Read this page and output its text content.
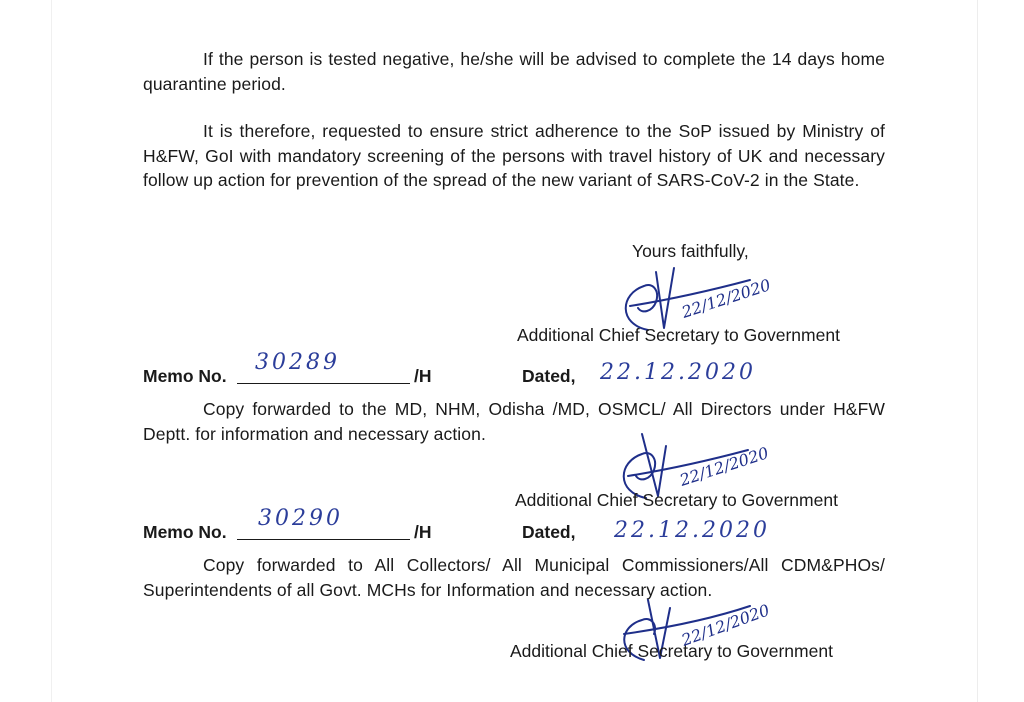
If the person is tested negative, he/she will be advised to complete the 14 days home quarantine period.

It is therefore, requested to ensure strict adherence to the SoP issued by Ministry of H&FW, GoI with mandatory screening of the persons with travel history of UK and necessary follow up action for prevention of the spread of the new variant of SARS-CoV-2 in the State.

Yours faithfully,
22/12/2020
Additional Chief Secretary to Government
Memo No.
30289
/H	Dated, 22.12.2020

Copy forwarded to the MD, NHM, Odisha /MD, OSMCL/ All Directors under H&FW Deptt. for information and necessary action.

22/12/2020
Additional Chief Secretary to Government
Memo No.
30290
/H	Dated, 22.12.2020

Copy forwarded to All Collectors/ All Municipal Commissioners/All CDM&PHOs/ Superintendents of all Govt. MCHs for Information and necessary action.

22/12/2020
Additional Chief Secretary to Government
